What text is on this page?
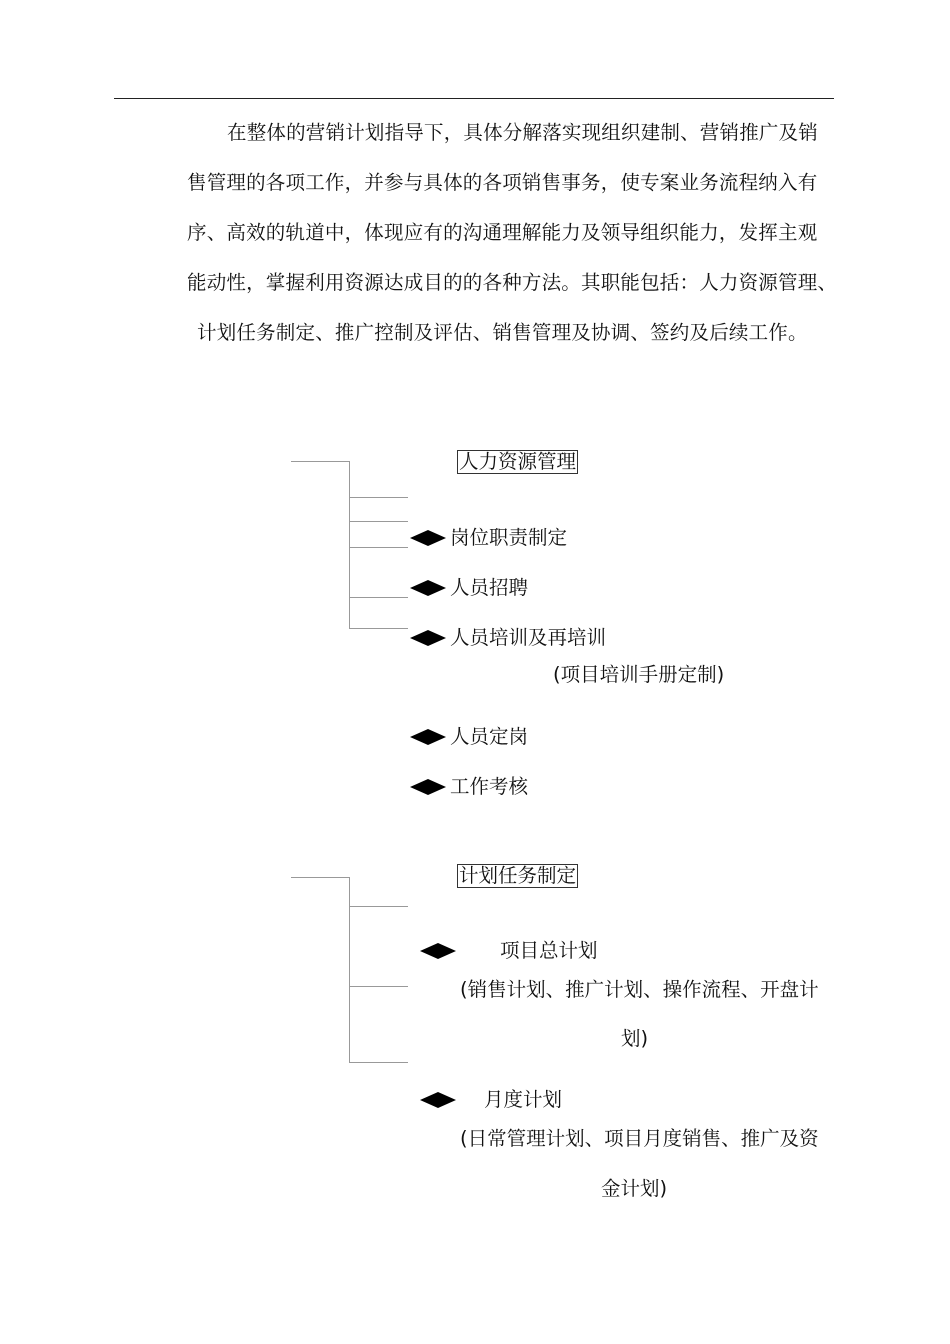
在整体的营销计划指导下，具体分解落实现组织建制、营销推广及销
售管理的各项工作，并参与具体的各项销售事务，使专案业务流程纳入有
序、高效的轨道中，体现应有的沟通理解能力及领导组织能力，发挥主观
能动性，掌握利用资源达成目的的各种方法。其职能包括：人力资源管理、
计划任务制定、推广控制及评估、销售管理及协调、签约及后续工作。
人力资源管理
岗位职责制定
人员招聘
人员培训及再培训
(项目培训手册定制)
人员定岗
工作考核
计划任务制定
项目总计划
(销售计划、推广计划、操作流程、开盘计
划)
月度计划
(日常管理计划、项目月度销售、推广及资
金计划)
